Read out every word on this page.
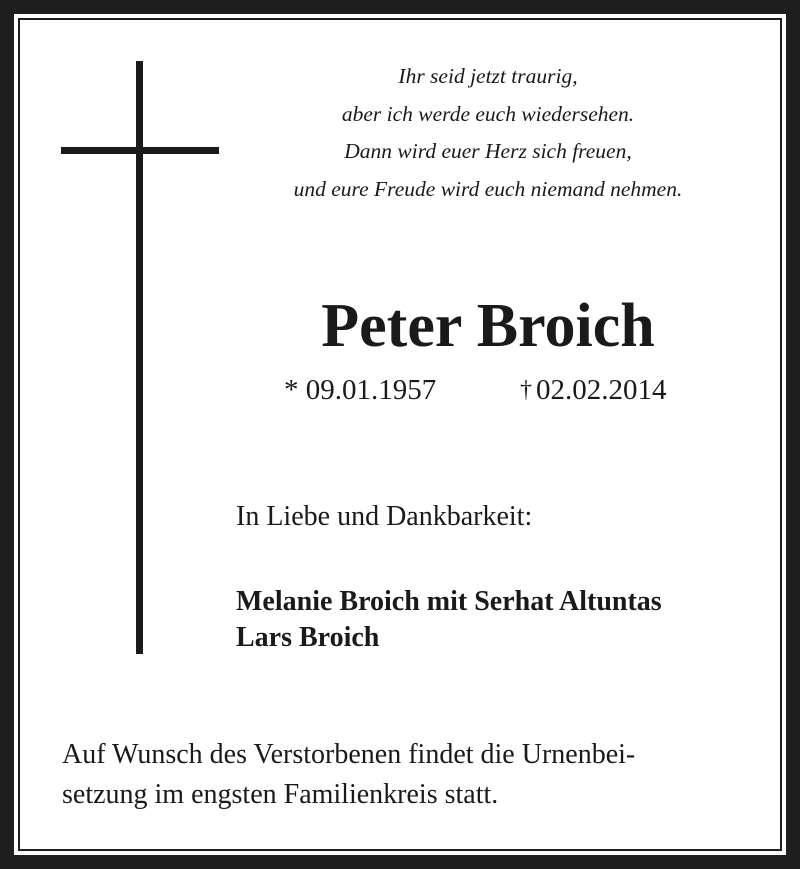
Ihr seid jetzt traurig,
aber ich werde euch wiedersehen.
Dann wird euer Herz sich freuen,
und eure Freude wird euch niemand nehmen.
Peter Broich
* 09.01.1957	† 02.02.2014
In Liebe und Dankbarkeit:
Melanie Broich mit Serhat Altuntas
Lars Broich
Auf Wunsch des Verstorbenen findet die Urnenbei-
setzung im engsten Familienkreis statt.
